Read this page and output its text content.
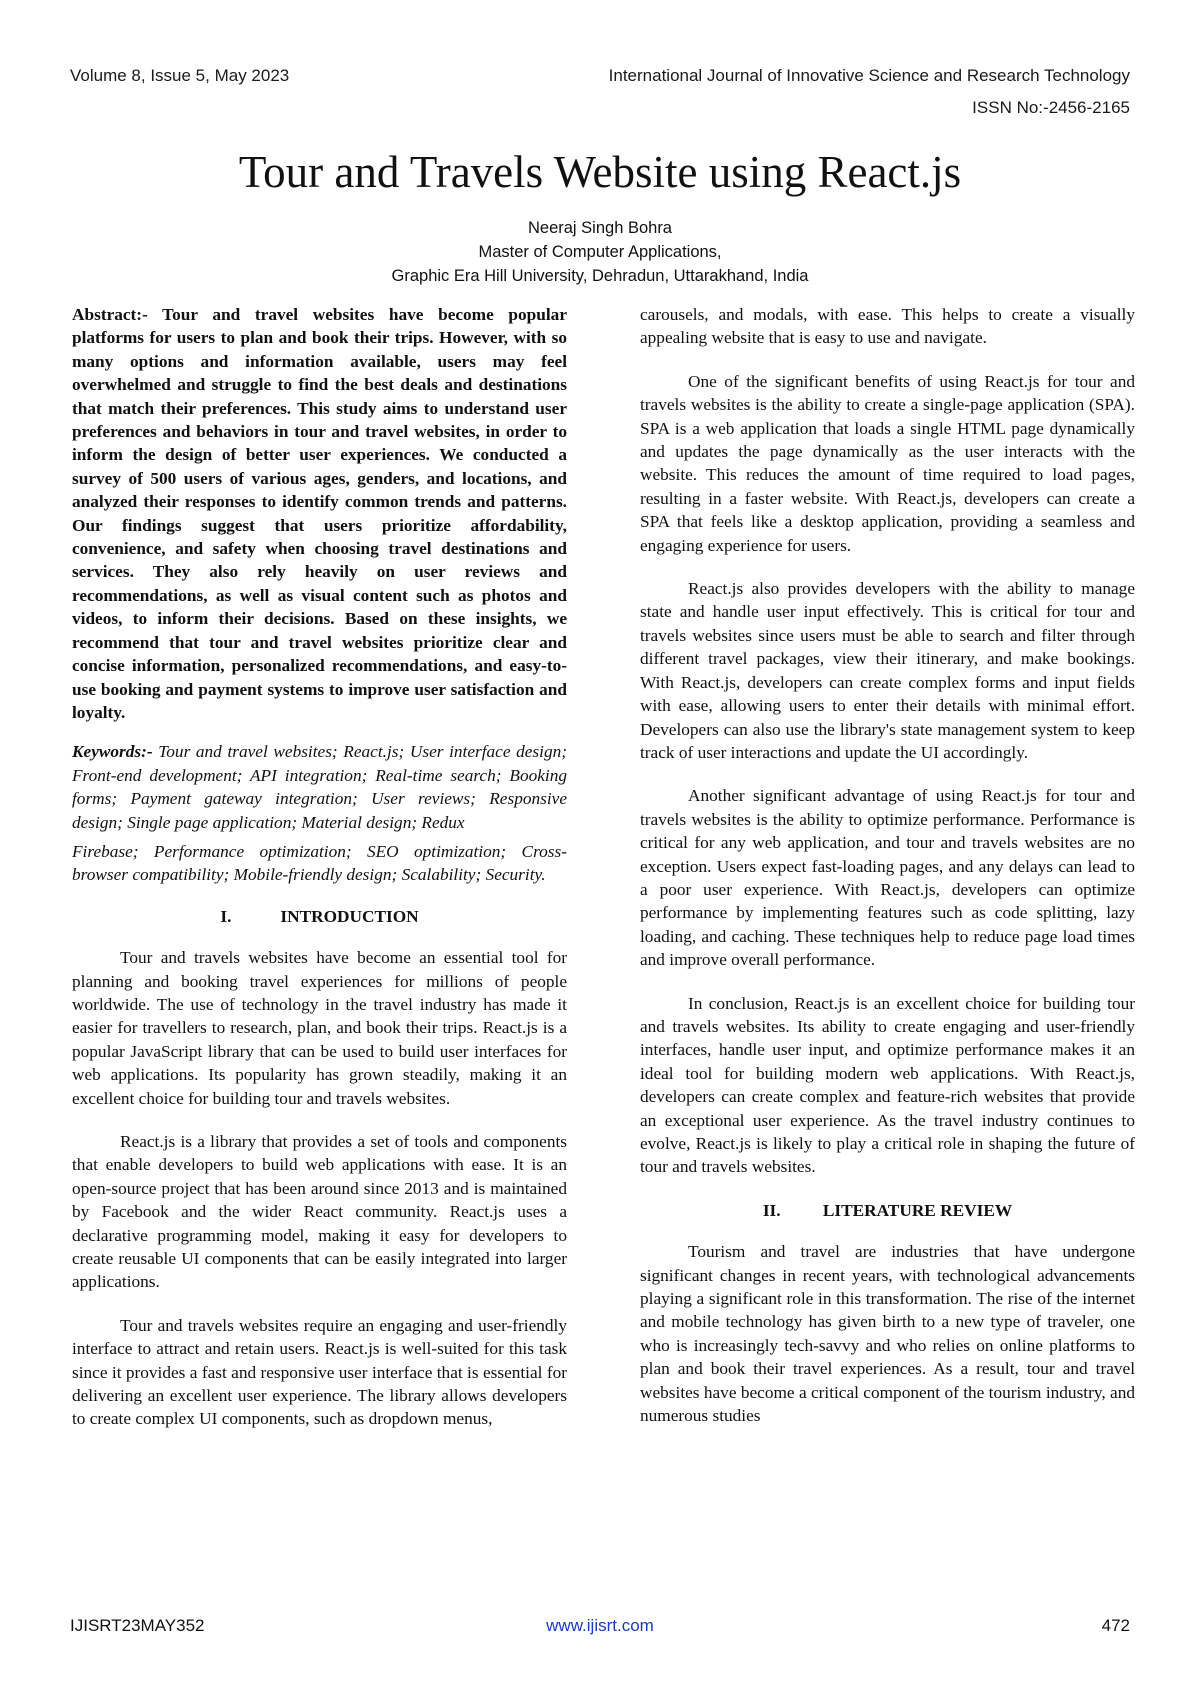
Volume 8, Issue 5, May 2023	International Journal of Innovative Science and Research Technology
ISSN No:-2456-2165
Tour and Travels Website using React.js
Neeraj Singh Bohra
Master of Computer Applications,
Graphic Era Hill University, Dehradun, Uttarakhand, India

Abstract:- Tour and travel websites have become popular platforms for users to plan and book their trips. However, with so many options and information available, users may feel overwhelmed and struggle to find the best deals and destinations that match their preferences. This study aims to understand user preferences and behaviors in tour and travel websites, in order to inform the design of better user experiences. We conducted a survey of 500 users of various ages, genders, and locations, and analyzed their responses to identify common trends and patterns. Our findings suggest that users prioritize affordability, convenience, and safety when choosing travel destinations and services. They also rely heavily on user reviews and recommendations, as well as visual content such as photos and videos, to inform their decisions. Based on these insights, we recommend that tour and travel websites prioritize clear and concise information, personalized recommendations, and easy-to-use booking and payment systems to improve user satisfaction and loyalty.

Keywords:- Tour and travel websites; React.js; User interface design; Front-end development; API integration; Real-time search; Booking forms; Payment gateway integration; User reviews; Responsive design; Single page application; Material design; Redux

Firebase; Performance optimization; SEO optimization; Cross-browser compatibility; Mobile-friendly design; Scalability; Security.

I.	INTRODUCTION

Tour and travels websites have become an essential tool for planning and booking travel experiences for millions of people worldwide. The use of technology in the travel industry has made it easier for travellers to research, plan, and book their trips. React.js is a popular JavaScript library that can be used to build user interfaces for web applications. Its popularity has grown steadily, making it an excellent choice for building tour and travels websites.

React.js is a library that provides a set of tools and components that enable developers to build web applications with ease. It is an open-source project that has been around since 2013 and is maintained by Facebook and the wider React community. React.js uses a declarative programming model, making it easy for developers to create reusable UI components that can be easily integrated into larger applications.

Tour and travels websites require an engaging and user-friendly interface to attract and retain users. React.js is well-suited for this task since it provides a fast and responsive user interface that is essential for delivering an excellent user experience. The library allows developers to create complex UI components, such as dropdown menus,

carousels, and modals, with ease. This helps to create a visually appealing website that is easy to use and navigate.

One of the significant benefits of using React.js for tour and travels websites is the ability to create a single-page application (SPA). SPA is a web application that loads a single HTML page dynamically and updates the page dynamically as the user interacts with the website. This reduces the amount of time required to load pages, resulting in a faster website. With React.js, developers can create a SPA that feels like a desktop application, providing a seamless and engaging experience for users.

React.js also provides developers with the ability to manage state and handle user input effectively. This is critical for tour and travels websites since users must be able to search and filter through different travel packages, view their itinerary, and make bookings. With React.js, developers can create complex forms and input fields with ease, allowing users to enter their details with minimal effort. Developers can also use the library's state management system to keep track of user interactions and update the UI accordingly.

Another significant advantage of using React.js for tour and travels websites is the ability to optimize performance. Performance is critical for any web application, and tour and travels websites are no exception. Users expect fast-loading pages, and any delays can lead to a poor user experience. With React.js, developers can optimize performance by implementing features such as code splitting, lazy loading, and caching. These techniques help to reduce page load times and improve overall performance.

In conclusion, React.js is an excellent choice for building tour and travels websites. Its ability to create engaging and user-friendly interfaces, handle user input, and optimize performance makes it an ideal tool for building modern web applications. With React.js, developers can create complex and feature-rich websites that provide an exceptional user experience. As the travel industry continues to evolve, React.js is likely to play a critical role in shaping the future of tour and travels websites.

II. LITERATURE REVIEW

Tourism and travel are industries that have undergone significant changes in recent years, with technological advancements playing a significant role in this transformation. The rise of the internet and mobile technology has given birth to a new type of traveler, one who is increasingly tech-savvy and who relies on online platforms to plan and book their travel experiences. As a result, tour and travel websites have become a critical component of the tourism industry, and numerous studies

IJISRT23MAY352	www.ijisrt.com	472
